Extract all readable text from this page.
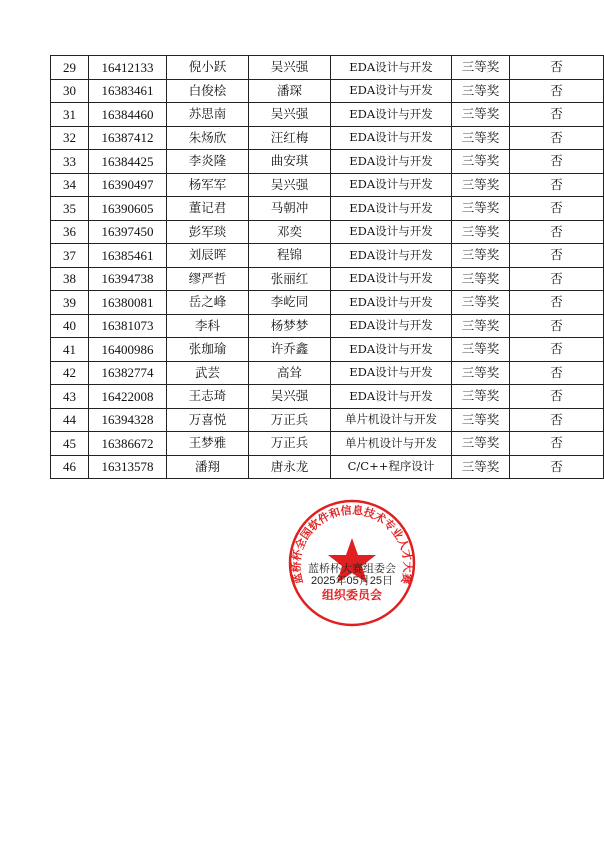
29	16412133	倪小跃	吴兴强	EDA设计与开发	三等奖	否
30	16383461	白俊桧	潘琛	EDA设计与开发	三等奖	否
31	16384460	苏思南	吴兴强	EDA设计与开发	三等奖	否
32	16387412	朱炀欣	汪红梅	EDA设计与开发	三等奖	否
33	16384425	李炎隆	曲安琪	EDA设计与开发	三等奖	否
34	16390497	杨军军	吴兴强	EDA设计与开发	三等奖	否
35	16390605	董记君	马朝冲	EDA设计与开发	三等奖	否
36	16397450	彭军琰	邓奕	EDA设计与开发	三等奖	否
37	16385461	刘辰晖	程锦	EDA设计与开发	三等奖	否
38	16394738	缪严哲	张丽红	EDA设计与开发	三等奖	否
39	16380081	岳之峰	李屹同	EDA设计与开发	三等奖	否
40	16381073	李科	杨梦梦	EDA设计与开发	三等奖	否
41	16400986	张珈瑜	许乔鑫	EDA设计与开发	三等奖	否
42	16382774	武芸	高耸	EDA设计与开发	三等奖	否
43	16422008	王志琦	吴兴强	EDA设计与开发	三等奖	否
44	16394328	万喜悦	万正兵	单片机设计与开发	三等奖	否
45	16386672	王梦雅	万正兵	单片机设计与开发	三等奖	否
46	16313578	潘翔	唐永龙	C/C++程序设计	三等奖	否
蓝桥杯全国软件和信息技术专业人才大赛
蓝桥杯大赛组委会
2025年05月25日
组织委员会
